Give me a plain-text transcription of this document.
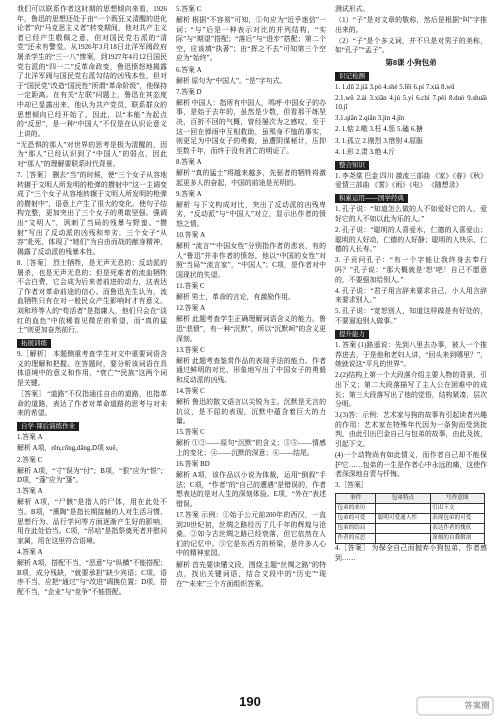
我们可以联系作者这时期的思想倾向来看，1926年，鲁迅的思想还处于由“一个既狂又清醒的进化论者”向“马克思主义者”转变期间，他对共产主义者已经产生敬佩之意，但对国民党右派的“清党”还未有警觉。从1926年3月18日北洋军阀政府屠杀学生的“三一八”惨案，到1927年4月12日国民党右派的“四一二”反革命政变，鲁迅愤怒地揭露了北洋军阀与国民党右派勾结的凶残本性，但对于“国民党”改造“国民性”所谓“革命阶级”，他保持一定距离。在有关“左联”问题上，鲁迅在其态度中却已显露出来，他认为共产党员、联系群众的思想倾向已经开始了。因此，以“本能”为起点的“反思”，是一种“中国人”不仅是在认识论意义上讲的。

“无恐惧的那人”对世界的思考是极为清醒的，因为“那人”已经认识到了“中国人”的弱点，因此对“那人”的理解要联系时代背景。

7.［答案］ 删去“当”的时候，使“三个女子从容地转辗于文明人所发明的枪弹的攒射中”这一主调变成了“三个女子从容地转辗于文明人所发明的枪弹的攒射中”，语意上产生了很大的变化。使句子结构完整，更加突出了三个女子的勇敢坚强。强调出“文明人”，讽刺了当局的残暴与野蛮。“攒射”写出了反动派的凶残和卑劣，三个女子“从容”赴死，体现了“她们”为自由而战的献身精神，揭露了反动派的残暴本性。

8.［答案］ 烈士牺牲，是无声无息的；反动派的屠杀，也是无声无息的；但是死难者的流血牺牲不会白费，它会成为后来者前进的动力，这表达了作者对革命前途的信心。而鲁迅先生认为，流血牺牲只有在对一般民众产生影响时才有意义。刘和珍等人的“苟活者”是指庸人，他们只会在“淡红的血色”中依稀看见微茫的希望，而“真的猛士”则更加奋然前行。

拓展训练

9.［解析］ 本题侧重考查学生对文中重要词语含义的理解和把握。在答题时，要分析该词语在具体语境中的意义和作用，“衰亡”“民族”这两个词是关键。

［答案］ “道路”不仅指通往自由的道路，也指革命的道路，表达了作者对革命道路的思考与对未来的希望。

自学·课后演练作业

1.答案 A

解析 A项，rěn,cōng,dāng,D项 xuē。

2.答案 C

解析 A项，“寸”误为“付”；B项，“狠”应为“恨”；D项，“蓬”应为“篷”。

3.答案 A

解析 A项，“尸骸”是指人的尸体，用在此处不当。B项，“熏陶”是指长期接触的人对生活习惯、思想行为、品行学问等方面逐渐产生好的影响，用在此处恰当。C项，“吊唁”是指祭奠死者并慰问家属，用在这里符合语境。

4.答案 A

解析 A项，搭配不当，“恶意”与“纵横”不能搭配；B项，成分残缺，“就要承担”缺少宾语；C项，语序不当，应把“通过”与“改进”调换位置；D项，搭配不当，“企业”与“竞争”不能搭配。

5.答案 C

解析 根据“不容易”可知，①句应为“近乎迷信”一词；“与”后是一种表示对比的并列结构，“实际”与“期望”搭配；“落后”与“进步”搭配；第二个空，应该填“执著”；由“挥之不去”可知第三个空应为“始终”。

6.答案 A

解析 原句为“中国人”。“是”字句式。

7.答案 D

解析 中国人：指所有中国人，鸣呼·中国女子的办事，是始于去年的，虽然是少数，但看那干练坚决，百折不回的气概，曾经屡次为之感叹，至于这一回在弹雨中互相救助，虽殒身不恤的事实，则更足为中国女子的勇毅，虽遭阴谋秘计，压抑至数千年，而终于没有消亡的明证了。

8.答案 A

解析 “真的猛士”将越来越多，先驱者的牺牲将激起更多人的奋起，中国的前途是光明的。

9.答案 A

解析 与下文构成对比，突出了反动派的凶残卑劣，“反动派”与“中国人”对立，显示出作者的愤怒之情。

10.答案 A

解析 “流言”“中国女性”分别指作者的悲哀，有的人“鲁迅”并非作者的愤怒，他以“中国的女性”对照“当局”“流言家”，“中国人”；C项，是作者对中国现状的失望。

11.答案 C

解析 男士，革命的言论，有激励作用。

12.答案 A

解析 此题考查学生正确理解词语含义的能力。鲁迅“悲愤”，有一种“沉默”，所以“沉默呵”的含义更深刻。

13.答案 C

解析 此题考查鉴赏作品的表现手法的能力。作者通过鲜明的对比，形象地写出了中国女子的勇毅和反动派的凶残。

14.答案 C

解析 鲁迅的散文语言以尖锐为主。沉默是无言的抗议，是不屈的表现，沉默中蕴含着巨大的力量。

15.答案 C

解析 ①②——原句“沉默”的含义；③⑤——情感上的变化；④——沉默的深意；⑥——结尾。

16.答案 BD

解析 A项，该作品以小说为体裁，运用“倒叙”手法；C项，“作者”的“自己的遭遇”是错误的，作者想表达的是对人生的深刻体验。E项，“外在”表述错误。

17.答案 示例：①始于公元前200年的西汉，一直到20世纪初，丝绸之路经历了几千年的辉煌与沧桑。②如今古丝绸之路已经衰落，但它依然在人们的记忆中。③它是东西方的桥梁，是许多人心中的精神家园。

解析 首先要读懂文段，围绕主题“丝绸之路”的特点，找出关键词语，结合文段中的“历史”“现在”“未来”三个方面组织答案。

测试形式。

（1）“子”是对文章的敬称，然后是根据“叫”字推出来的。

（2）“子”是个多义词，并不只是对男子的美称，如“孔子”“孟子”。

第8课 小狗包弟
识记检测

1. 1.dū 2.jiǎ 3.pò 4.shè 5.fēi 6.pí 7.xiá 8.wǔ

2.1.wǔ 2.ài 3.xiǎn 4.jú 5.yí 6.chí 7.pèi 8.duò 9.shuāi 10.jǐ

3.1.qiān 2.qiǎn 3.jìn 4.jǐn

2. 1.惦 2.嗷 3.枉 4.惩 5.磕 6.搪

3. 1.孤立 2.刚烈 3.惜别 4.屈服

4. 1.形 2.肃 3.绝 4.斤

整合知识

1. 李尧棠 巴金 四川 激流三部曲 《家》《春》《秋》 爱情三部曲 《雾》《雨》《电》 《随想录》

积累运用——国学经典

1. 孔子说：“知道怎么做的人不如爱好它的人，爱好它的人不如以此为乐的人。”

2. 孔子说：“聪明的人喜爱水，仁德的人喜爱山；聪明的人好动，仁德的人好静；聪明的人快乐，仁德的人长寿。”

3. 子贡问孔子：“有一个字能让我终身去奉行吗？”孔子说：“那大概就是‘恕’吧！自己不愿意的，不要强加给别人。”

4. 孔子说：“君子用言辞来要求自己，小人用言辞来要求别人。”

5. 孔子说：“宽恕别人，知道这样做是有好处的，不要逼迫别人做事。”

提升能力

1. 答案 (1)路遥说：先到八里去办事，被人一个推荐进去，于是他和老妇人讲，“回头来到哪里？”，她就说这“平凡的世界”。

2.(2)结构上第一个大段落介绍主要人物的背景，引出下文；第二大段落描写了主人公在困难中的成长；第三大段落写出了他的觉悟，结构紧凑，层次分明。

3.(3)答：示例：艺术家与狗的故事有引起读者兴趣的作用：艺术家在特殊年代因为一条狗而受到批判，由此引出巴金自己与包弟的故事，由此及彼，引起下文。

(4)一个动物尚有如此情义，而作者自己却不能保护它……包弟的一生是作者心中永远的痛，这使作者深深地自责与忏悔。

3.［答案］

事件	包弟特点	写作意图
包弟的来历		引出下文
包弟的可爱	聪明可爱通人性	表现包弟的可爱
包弟的结局		表达作者的愧疚
作者的反思		深刻的自我解剖

4.［答案］ 为保全自己而抛弃小狗包弟，作者感到……

190	答案圈
